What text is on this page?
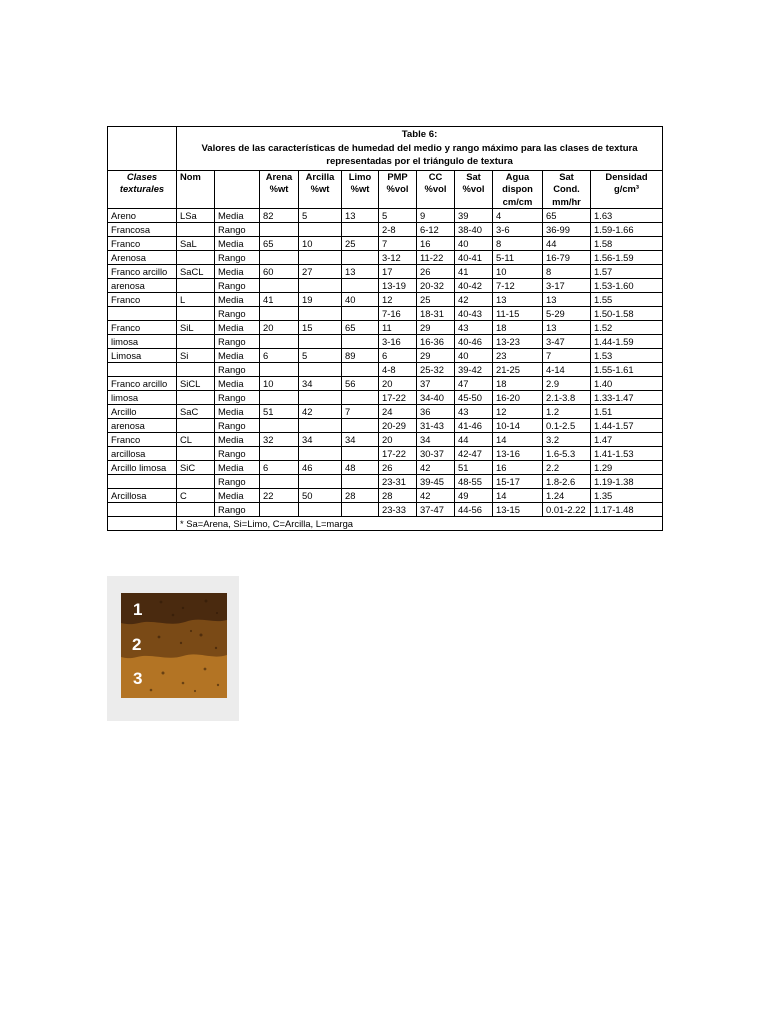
	Table 6:
Valores de las características de humedad del medio y rango máximo para las clases de textura representadas por el triángulo de textura										

Clases texturales	Nom		Arena %wt	Arcilla %wt	Limo %wt	PMP %vol	CC %vol	Sat %vol	Agua dispon cm/cm	Sat Cond. mm/hr	Densidad g/cm³
Areno	LSa	Media	82	5	13	5	9	39	4	65	1.63
Francosa		Rango				2-8	6-12	38-40	3-6	36-99	1.59-1.66
Franco	SaL	Media	65	10	25	7	16	40	8	44	1.58
Arenosa		Rango				3-12	11-22	40-41	5-11	16-79	1.56-1.59
Franco arcillo	SaCL	Media	60	27	13	17	26	41	10	8	1.57
arenosa		Rango				13-19	20-32	40-42	7-12	3-17	1.53-1.60
Franco	L	Media	41	19	40	12	25	42	13	13	1.55
		Rango				7-16	18-31	40-43	11-15	5-29	1.50-1.58
Franco	SiL	Media	20	15	65	11	29	43	18	13	1.52
limosa		Rango				3-16	16-36	40-46	13-23	3-47	1.44-1.59
Limosa	Si	Media	6	5	89	6	29	40	23	7	1.53
		Rango				4-8	25-32	39-42	21-25	4-14	1.55-1.61
Franco arcillo	SiCL	Media	10	34	56	20	37	47	18	2.9	1.40
limosa		Rango				17-22	34-40	45-50	16-20	2.1-3.8	1.33-1.47
Arcillo	SaC	Media	51	42	7	24	36	43	12	1.2	1.51
arenosa		Rango				20-29	31-43	41-46	10-14	0.1-2.5	1.44-1.57
Franco	CL	Media	32	34	34	20	34	44	14	3.2	1.47
arcillosa		Rango				17-22	30-37	42-47	13-16	1.6-5.3	1.41-1.53
Arcillo limosa	SiC	Media	6	46	48	26	42	51	16	2.2	1.29
		Rango				23-31	39-45	48-55	15-17	1.8-2.6	1.19-1.38
Arcillosa	C	Media	22	50	28	28	42	49	14	1.24	1.35
		Rango				23-33	37-47	44-56	13-15	0.01-2.22	1.17-1.48
	* Sa=Arena, Si=Limo, C=Arcilla, L=marga										
1
2
3
